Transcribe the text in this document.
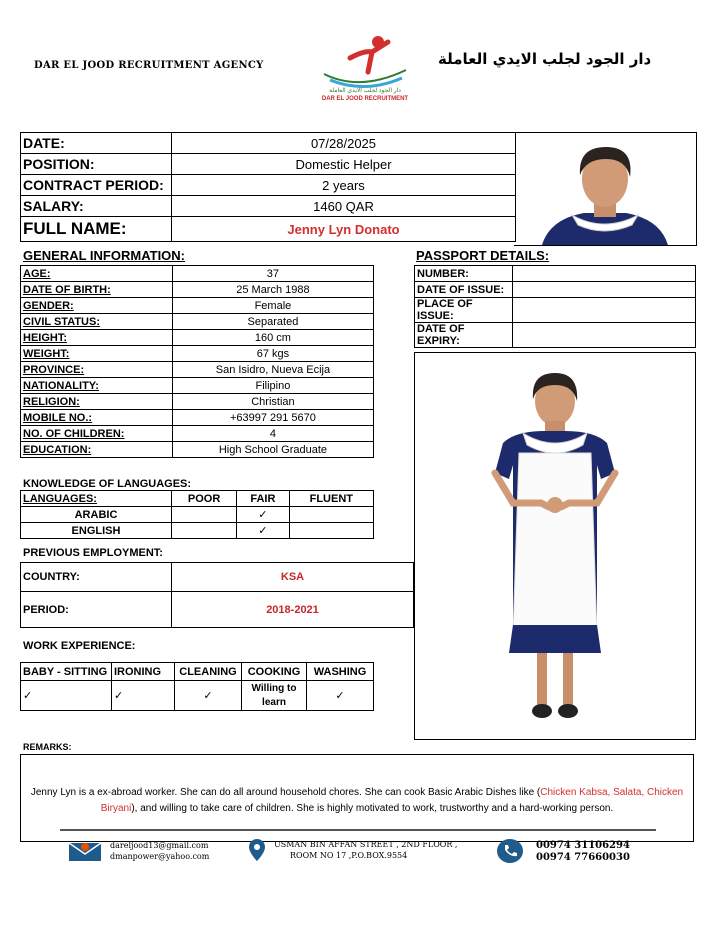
DAR EL JOOD RECRUITMENT AGENCY
دار الجود لجلب الايدي العاملة
DAR EL JOOD RECRUITMENT
دار الجود لجلب الايدي العاملة
DATE:	07/28/2025
POSITION:	Domestic Helper
CONTRACT PERIOD:	2 years
SALARY:	1460 QAR
FULL NAME:	Jenny Lyn Donato
GENERAL INFORMATION:
AGE:	37
DATE OF BIRTH:	25 March 1988
GENDER:	Female
CIVIL STATUS:	Separated
HEIGHT:	160 cm
WEIGHT:	67 kgs
PROVINCE:	San Isidro, Nueva Ecija
NATIONALITY:	Filipino
RELIGION:	Christian
MOBILE NO.:	+63997 291 5670
NO. OF CHILDREN:	4
EDUCATION:	High School Graduate
PASSPORT DETAILS:
NUMBER:	
DATE OF ISSUE:	
PLACE OF ISSUE:	
DATE OF EXPIRY:	
KNOWLEDGE OF LANGUAGES:
LANGUAGES:	POOR	FAIR	FLUENT
ARABIC		✓	
ENGLISH		✓	
PREVIOUS EMPLOYMENT:
COUNTRY:	KSA
PERIOD:	2018-2021
WORK EXPERIENCE:
BABY - SITTING	IRONING	CLEANING	COOKING	WASHING
✓	✓	✓	Willing to learn	✓
REMARKS:
Jenny Lyn is a ex-abroad worker. She can do all around household chores. She can cook Basic Arabic Dishes like (Chicken Kabsa, Salata, Chicken Biryani), and willing to take care of children. She is highly motivated to work, trustworthy and a hard-working person.
dareljood13@gmail.com
dmanpower@yahoo.com
USMAN BIN AFFAN STREET , 2ND FLOOR ,
ROOM NO 17 ,P.O.BOX.9554
00974 31106294
00974 77660030
